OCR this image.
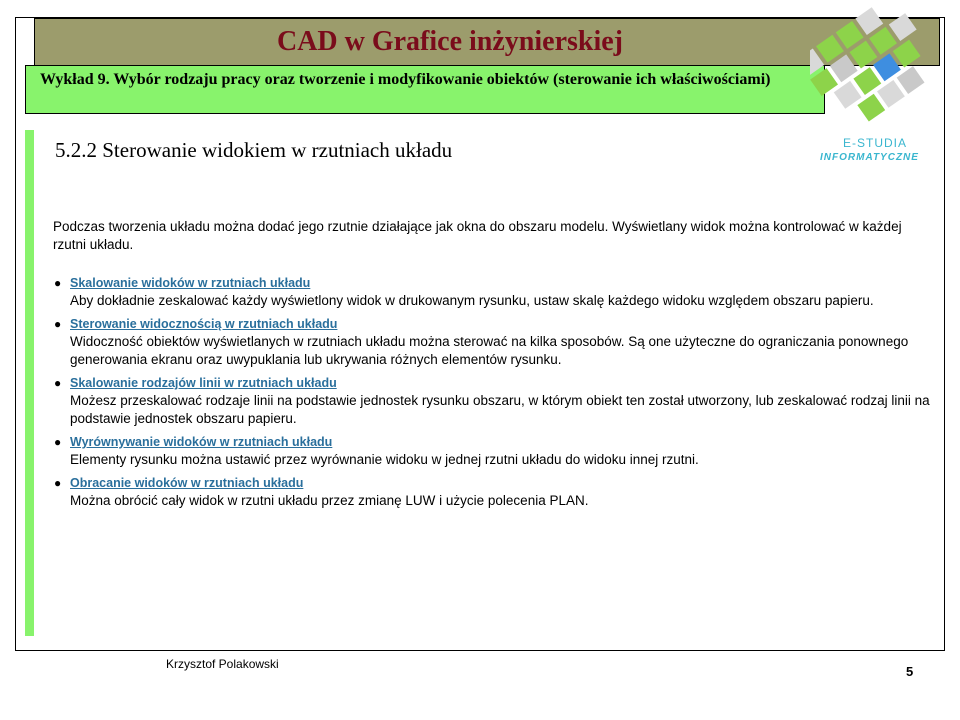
CAD w Grafice inżynierskiej
Wykład 9. Wybór rodzaju pracy oraz tworzenie i modyfikowanie obiektów (sterowanie ich właściwościami)
E-STUDIA
INFORMATYCZNE
5.2.2 Sterowanie widokiem w rzutniach układu
Podczas tworzenia układu można dodać jego rzutnie działające jak okna do obszaru modelu. Wyświetlany widok można kontrolować w każdej rzutni układu.
● Skalowanie widoków w rzutniach układu
Aby dokładnie zeskalować każdy wyświetlony widok w drukowanym rysunku, ustaw skalę każdego widoku względem obszaru papieru.
● Sterowanie widocznością w rzutniach układu
Widoczność obiektów wyświetlanych w rzutniach układu można sterować na kilka sposobów. Są one użyteczne do ograniczania ponownego generowania ekranu oraz uwypuklania lub ukrywania różnych elementów rysunku.
● Skalowanie rodzajów linii w rzutniach układu
Możesz przeskalować rodzaje linii na podstawie jednostek rysunku obszaru, w którym obiekt ten został utworzony, lub zeskalować rodzaj linii na podstawie jednostek obszaru papieru.
● Wyrównywanie widoków w rzutniach układu
Elementy rysunku można ustawić przez wyrównanie widoku w jednej rzutni układu do widoku innej rzutni.
● Obracanie widoków w rzutniach układu
Można obrócić cały widok w rzutni układu przez zmianę LUW i użycie polecenia PLAN.
Krzysztof Polakowski	5
